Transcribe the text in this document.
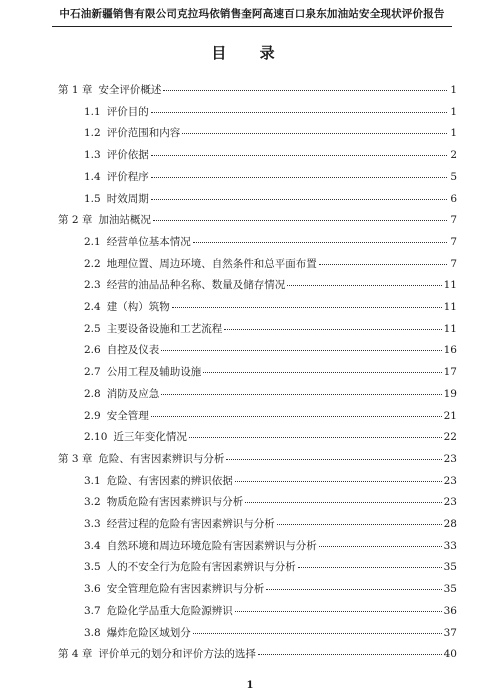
中石油新疆销售有限公司克拉玛依销售奎阿高速百口泉东加油站安全现状评价报告
目 录
第 1 章 安全评价概述	1
1.1 评价目的	1
1.2 评价范围和内容	1
1.3 评价依据	2
1.4 评价程序	5
1.5 时效周期	6
第 2 章 加油站概况	7
2.1 经营单位基本情况	7
2.2 地理位置、周边环境、自然条件和总平面布置	7
2.3 经营的油品品种名称、数量及储存情况	11
2.4 建（构）筑物	11
2.5 主要设备设施和工艺流程	11
2.6 自控及仪表	16
2.7 公用工程及辅助设施	17
2.8 消防及应急	19
2.9 安全管理	21
2.10 近三年变化情况	22
第 3 章 危险、有害因素辨识与分析	23
3.1 危险、有害因素的辨识依据	23
3.2 物质危险有害因素辨识与分析	23
3.3 经营过程的危险有害因素辨识与分析	28
3.4 自然环境和周边环境危险有害因素辨识与分析	33
3.5 人的不安全行为危险有害因素辨识与分析	35
3.6 安全管理危险有害因素辨识与分析	35
3.7 危险化学品重大危险源辨识	36
3.8 爆炸危险区域划分	37
第 4 章 评价单元的划分和评价方法的选择	40
1
